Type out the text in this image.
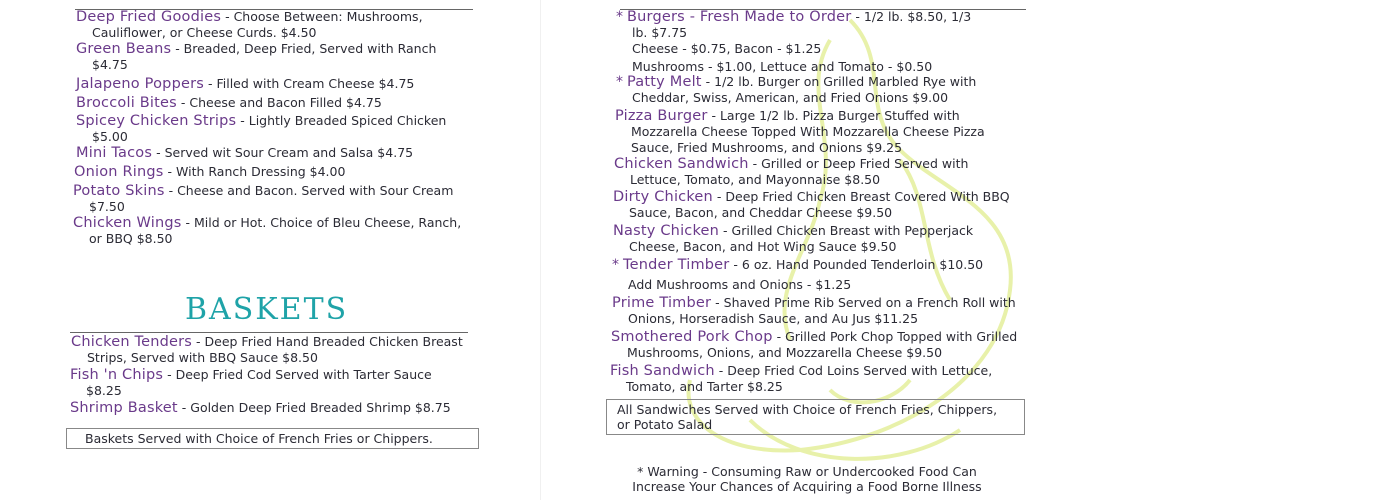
Deep Fried Goodies - Choose Between: Mushrooms,
Cauliflower, or Cheese Curds. $4.50
Green Beans - Breaded, Deep Fried, Served with Ranch
$4.75
Jalapeno Poppers - Filled with Cream Cheese $4.75
Broccoli Bites - Cheese and Bacon Filled $4.75
Spicey Chicken Strips - Lightly Breaded Spiced Chicken
$5.00
Mini Tacos - Served wit Sour Cream and Salsa $4.75
Onion Rings - With Ranch Dressing $4.00
Potato Skins - Cheese and Bacon. Served with Sour Cream
$7.50
Chicken Wings - Mild or Hot. Choice of Bleu Cheese, Ranch,
or BBQ $8.50
BASKETS
Chicken Tenders - Deep Fried Hand Breaded Chicken Breast
Strips, Served with BBQ Sauce $8.50
Fish 'n Chips - Deep Fried Cod Served with Tarter Sauce
$8.25
Shrimp Basket - Golden Deep Fried Breaded Shrimp $8.75
Baskets Served with Choice of French Fries or Chippers.
* Burgers - Fresh Made to Order - 1/2 lb. $8.50, 1/3
lb. $7.75
Cheese - $0.75, Bacon - $1.25
Mushrooms - $1.00, Lettuce and Tomato - $0.50
* Patty Melt - 1/2 lb. Burger on Grilled Marbled Rye with
Cheddar, Swiss, American, and Fried Onions $9.00
Pizza Burger - Large 1/2 lb. Pizza Burger Stuffed with
Mozzarella Cheese Topped With Mozzarella Cheese Pizza
Sauce, Fried Mushrooms, and Onions $9.25
Chicken Sandwich - Grilled or Deep Fried Served with
Lettuce, Tomato, and Mayonnaise $8.50
Dirty Chicken - Deep Fried Chicken Breast Covered With BBQ
Sauce, Bacon, and Cheddar Cheese $9.50
Nasty Chicken - Grilled Chicken Breast with Pepperjack
Cheese, Bacon, and Hot Wing Sauce $9.50
* Tender Timber - 6 oz. Hand Pounded Tenderloin $10.50
Add Mushrooms and Onions - $1.25
Prime Timber - Shaved Prime Rib Served on a French Roll with
Onions, Horseradish Sauce, and Au Jus $11.25
Smothered Pork Chop - Grilled Pork Chop Topped with Grilled
Mushrooms, Onions, and Mozzarella Cheese $9.50
Fish Sandwich - Deep Fried Cod Loins Served with Lettuce,
Tomato, and Tarter $8.25
All Sandwiches Served with Choice of French Fries, Chippers,
or Potato Salad
* Warning - Consuming Raw or Undercooked Food Can
Increase Your Chances of Acquiring a Food Borne Illness
